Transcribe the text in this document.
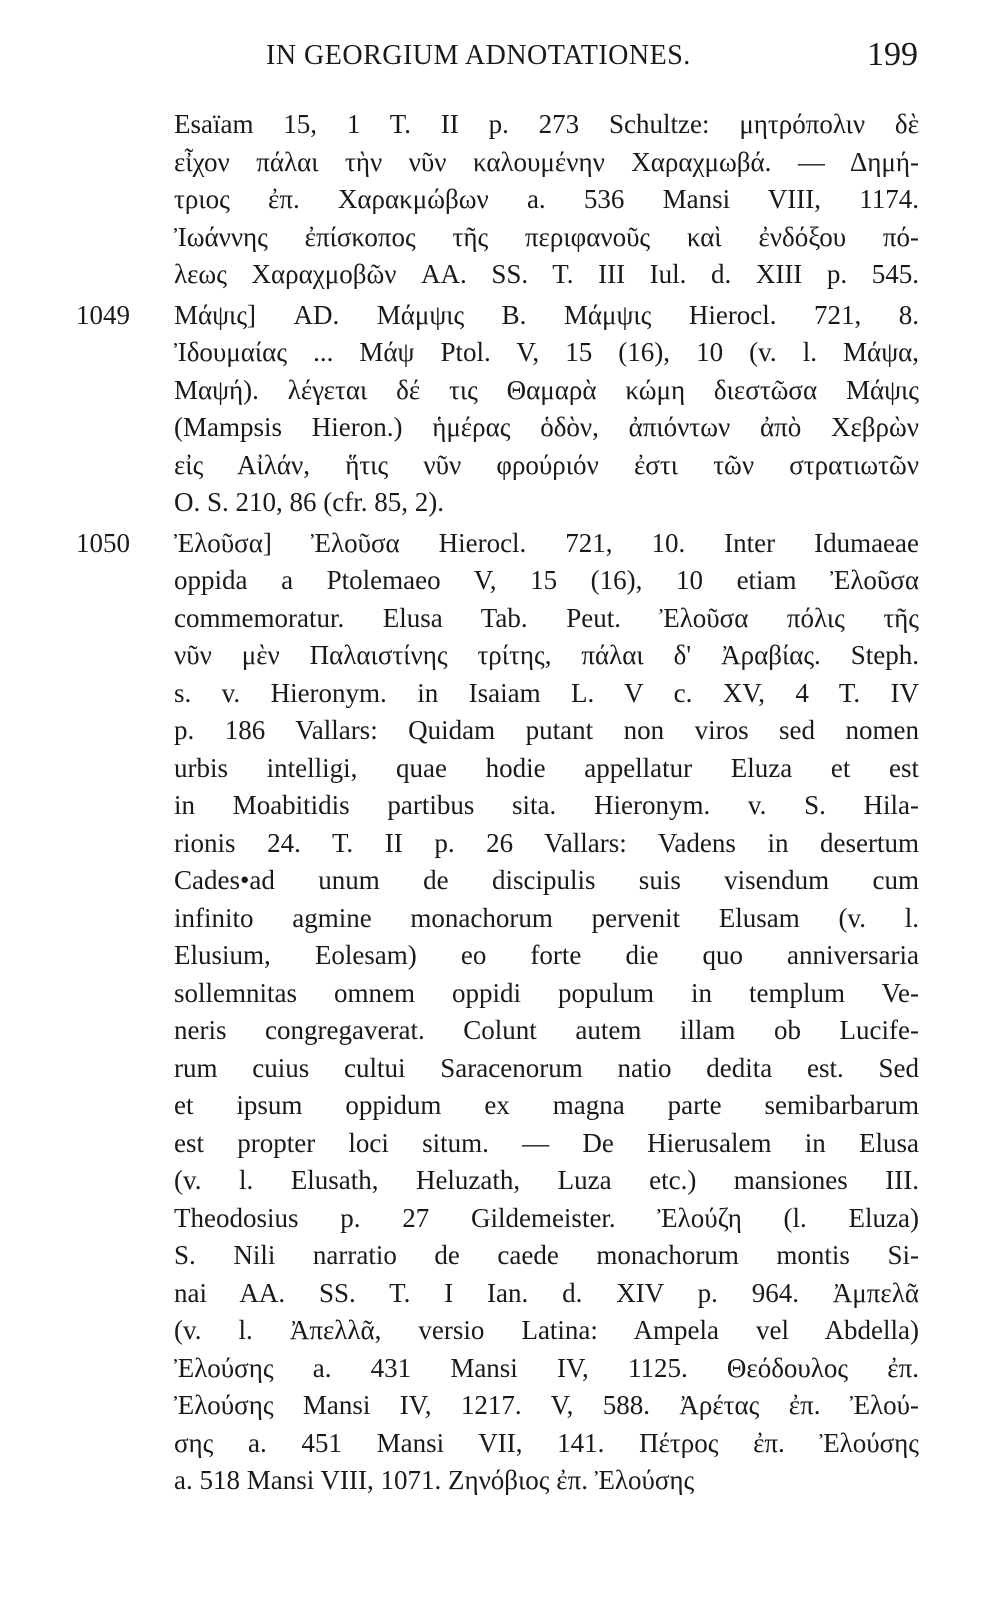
IN GEORGIUM ADNOTATIONES.	199
Esaïam 15, 1 T. II p. 273 Schultze: μητρόπολιν δὲ
εἶχον πάλαι τὴν νῦν καλουμένην Χαραχμωβά. — Δημή-
τριος ἐπ. Χαρακμώβων a. 536 Mansi VIII, 1174.
Ἰωάννης ἐπίσκοπος τῆς περιφανοῦς καὶ ἐνδόξου πό-
λεως Χαραχμοβῶν AA. SS. T. III Iul. d. XIII p. 545.
1049	Μάψις] AD. Μάμψις B. Μάμψις Hierocl. 721, 8.
Ἰδουμαίας ... Μάψ Ptol. V, 15 (16), 10 (v. l. Μάψα,
Μαψή). λέγεται δέ τις Θαμαρὰ κώμη διεστῶσα Μάψις
(Mampsis Hieron.) ἡμέρας ὁδὸν, ἀπιόντων ἀπὸ Χεβρὼν
εἰς Αἰλάν, ἥτις νῦν φρούριόν ἐστι τῶν στρατιωτῶν
O. S. 210, 86 (cfr. 85, 2).
1050	Ἐλοῦσα] Ἐλοῦσα Hierocl. 721, 10. Inter Idumaeae
oppida a Ptolemaeo V, 15 (16), 10 etiam Ἐλοῦσα
commemoratur. Elusa Tab. Peut. Ἐλοῦσα πόλις τῆς
νῦν μὲν Παλαιστίνης τρίτης, πάλαι δ' Ἀραβίας. Steph.
s. v. Hieronym. in Isaiam L. V c. XV, 4 T. IV
p. 186 Vallars: Quidam putant non viros sed nomen
urbis intelligi, quae hodie appellatur Eluza et est
in Moabitidis partibus sita. Hieronym. v. S. Hila-
rionis 24. T. II p. 26 Vallars: Vadens in desertum
Cades•ad unum de discipulis suis visendum cum
infinito agmine monachorum pervenit Elusam (v. l.
Elusium, Eolesam) eo forte die quo anniversaria
sollemnitas omnem oppidi populum in templum Ve-
neris congregaverat. Colunt autem illam ob Lucife-
rum cuius cultui Saracenorum natio dedita est. Sed
et ipsum oppidum ex magna parte semibarbarum
est propter loci situm. — De Hierusalem in Elusa
(v. l. Elusath, Heluzath, Luza etc.) mansiones III.
Theodosius p. 27 Gildemeister. Ἐλούζη (l. Eluza)
S. Nili narratio de caede monachorum montis Si-
nai AA. SS. T. I Ian. d. XIV p. 964. Ἀμπελᾶ
(v. l. Ἀπελλᾶ, versio Latina: Ampela vel Abdella)
Ἐλούσης a. 431 Mansi IV, 1125. Θεόδουλος ἐπ.
Ἐλούσης Mansi IV, 1217. V, 588. Ἀρέτας ἐπ. Ἐλού-
σης a. 451 Mansi VII, 141. Πέτρος ἐπ. Ἐλούσης
a. 518 Mansi VIII, 1071. Ζηνόβιος ἐπ. Ἐλούσης
